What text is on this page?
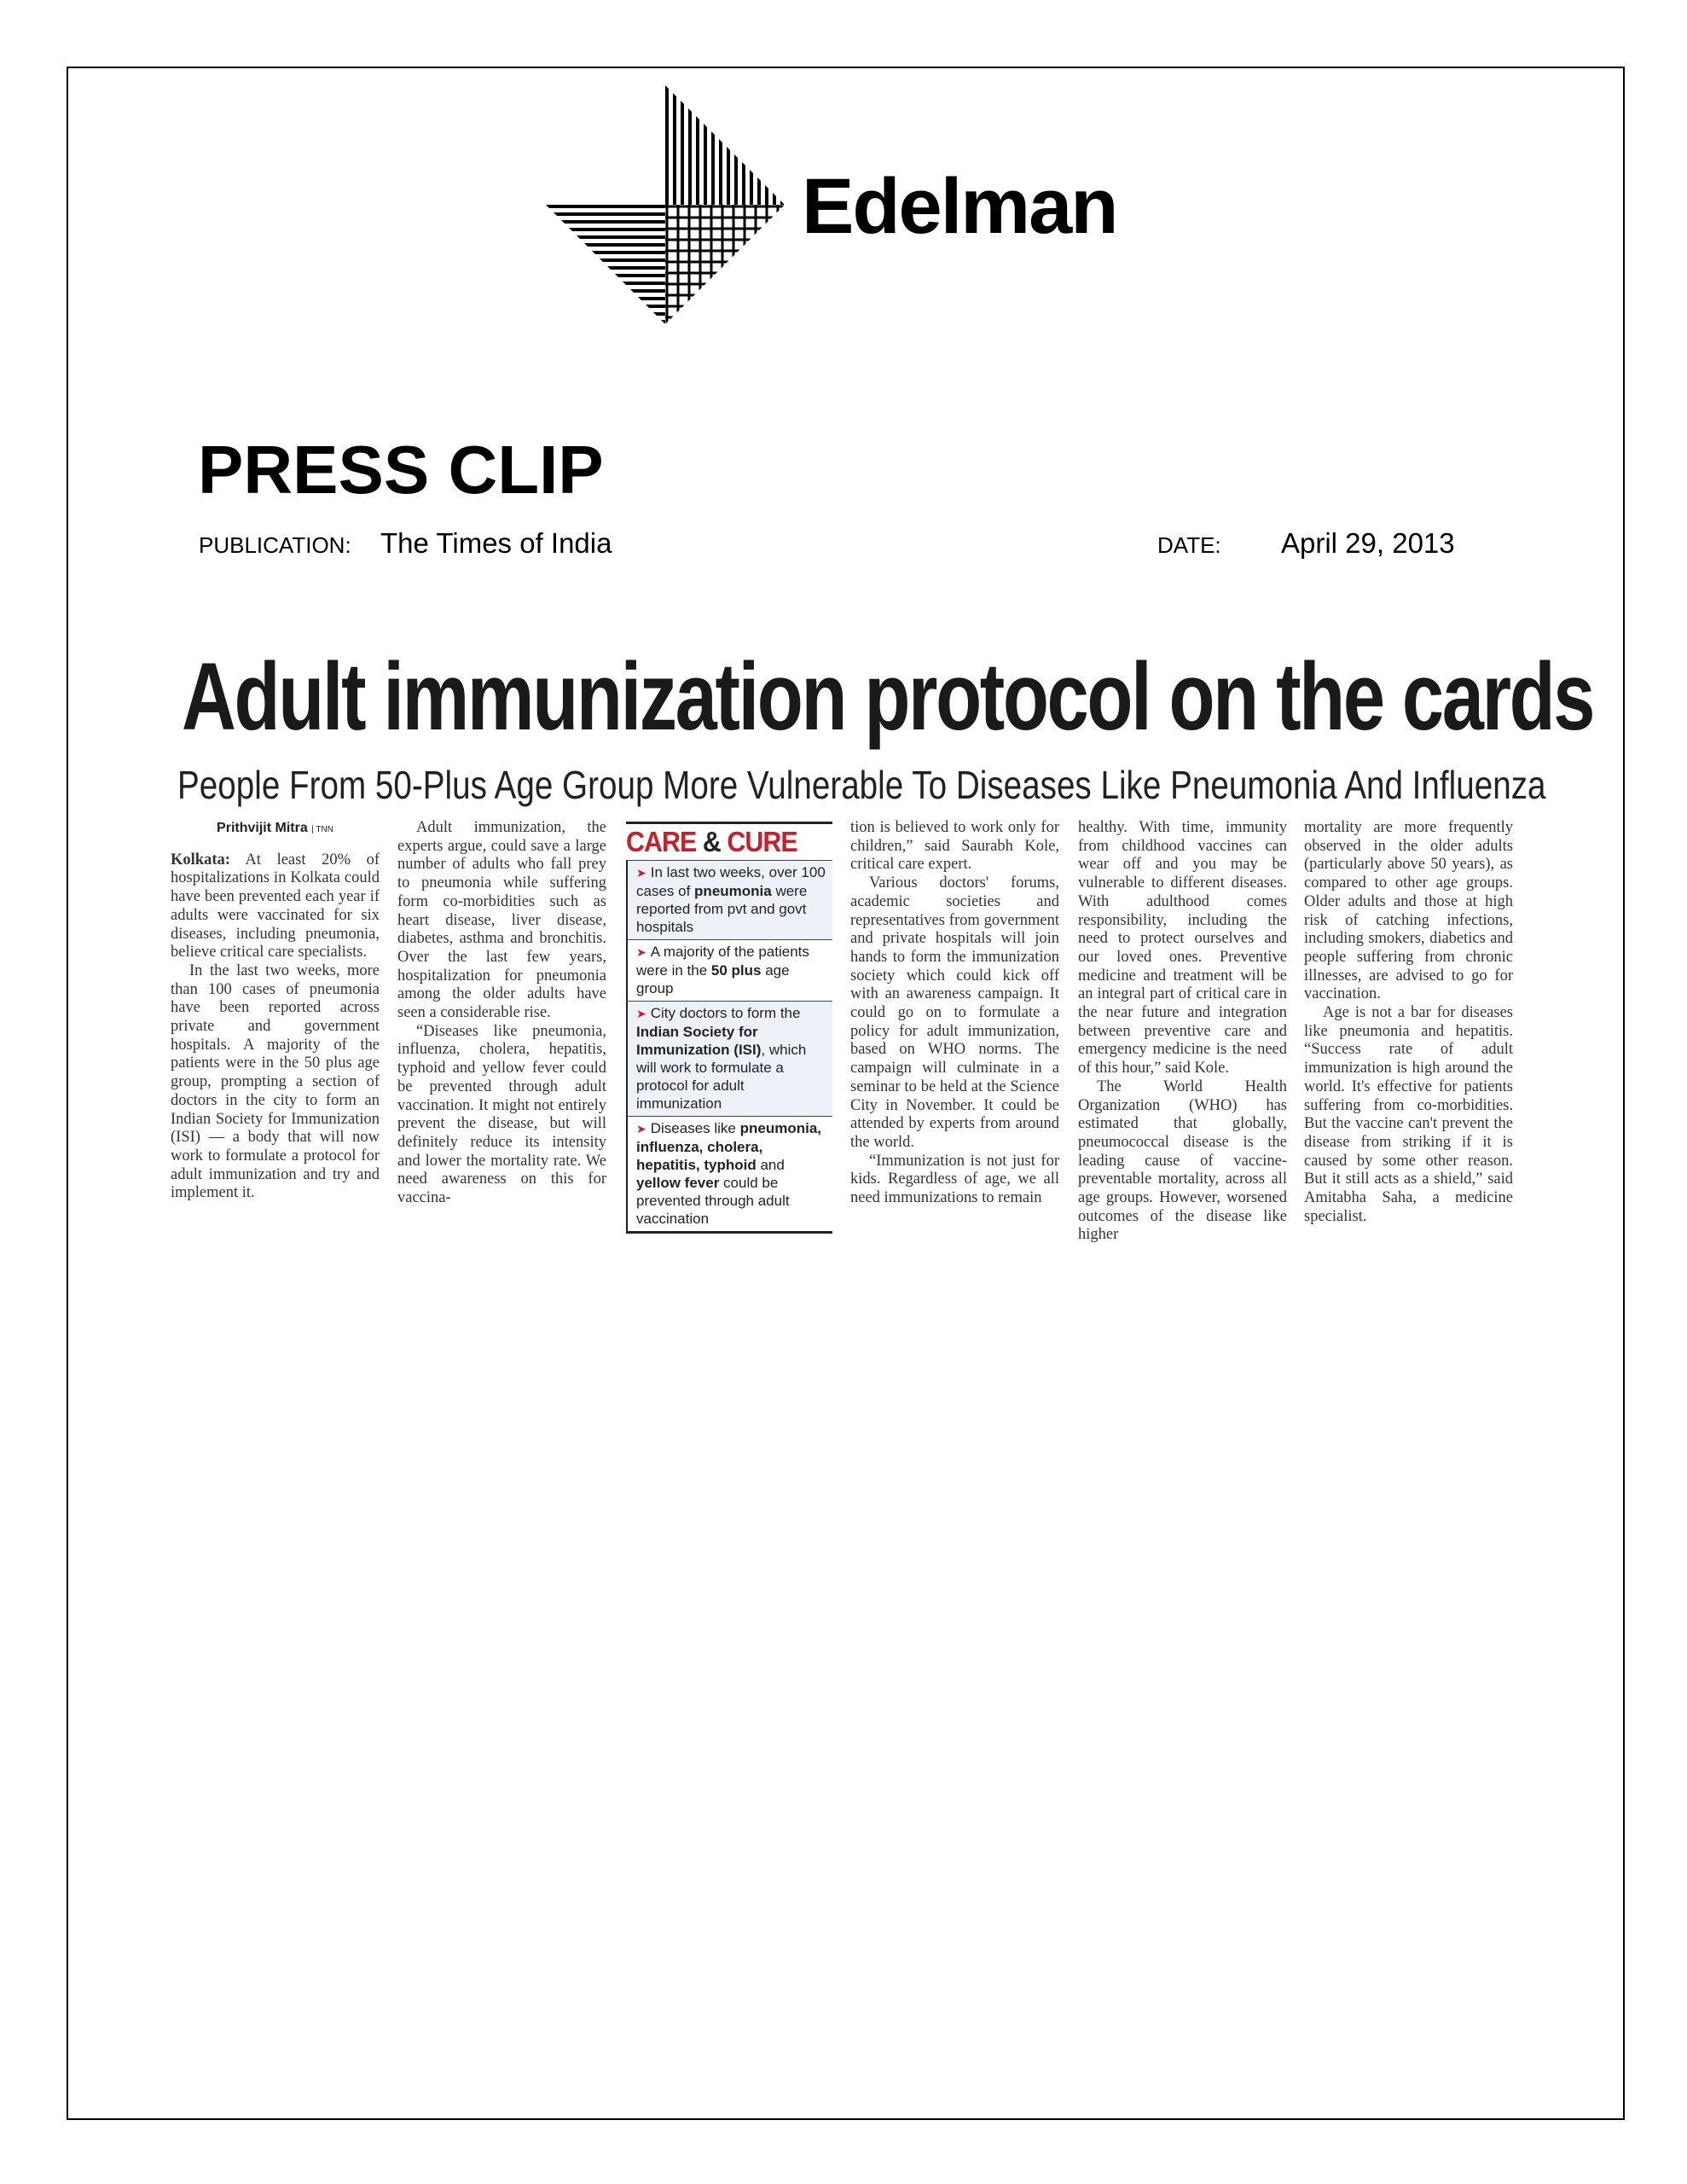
Edelman
PRESS CLIP
PUBLICATION: The Times of India	DATE: April 29, 2013
Adult immunization protocol on the cards
People From 50-Plus Age Group More Vulnerable To Diseases Like Pneumonia And Influenza
Prithvijit Mitra | TNN

Kolkata: At least 20% of hospitalizations in Kolkata could have been prevented each year if adults were vaccinated for six diseases, including pneumonia, believe critical care specialists.

In the last two weeks, more than 100 cases of pneumonia have been reported across private and government hospitals. A majority of the patients were in the 50 plus age group, prompting a section of doctors in the city to form an Indian Society for Immunization (ISI) — a body that will now work to formulate a protocol for adult immunization and try and implement it.

Adult immunization, the experts argue, could save a large number of adults who fall prey to pneumonia while suffering form co-morbidities such as heart disease, liver disease, diabetes, asthma and bronchitis. Over the last few years, hospitalization for pneumonia among the older adults have seen a considerable rise.

“Diseases like pneumonia, influenza, cholera, hepatitis, typhoid and yellow fever could be prevented through adult vaccination. It might not entirely prevent the disease, but will definitely reduce its intensity and lower the mortality rate. We need awareness on this for vaccina-

CARE & CURE
➤ In last two weeks, over 100 cases of pneumonia were reported from pvt and govt hospitals
➤ A majority of the patients were in the 50 plus age group
➤ City doctors to form the Indian Society for Immunization (ISI), which will work to formulate a protocol for adult immunization
➤ Diseases like pneumonia, influenza, cholera, hepatitis, typhoid and yellow fever could be prevented through adult vaccination

tion is believed to work only for children,” said Saurabh Kole, critical care expert.

Various doctors' forums, academic societies and representatives from government and private hospitals will join hands to form the immunization society which could kick off with an awareness campaign. It could go on to formulate a policy for adult immunization, based on WHO norms. The campaign will culminate in a seminar to be held at the Science City in November. It could be attended by experts from around the world.

“Immunization is not just for kids. Regardless of age, we all need immunizations to remain

healthy. With time, immunity from childhood vaccines can wear off and you may be vulnerable to different diseases. With adulthood comes responsibility, including the need to protect ourselves and our loved ones. Preventive medicine and treatment will be an integral part of critical care in the near future and integration between preventive care and emergency medicine is the need of this hour,” said Kole.

The World Health Organization (WHO) has estimated that globally, pneumococcal disease is the leading cause of vaccine-preventable mortality, across all age groups. However, worsened outcomes of the disease like higher

mortality are more frequently observed in the older adults (particularly above 50 years), as compared to other age groups. Older adults and those at high risk of catching infections, including smokers, diabetics and people suffering from chronic illnesses, are advised to go for vaccination.

Age is not a bar for diseases like pneumonia and hepatitis. “Success rate of adult immunization is high around the world. It's effective for patients suffering from co-morbidities. But the vaccine can't prevent the disease from striking if it is caused by some other reason. But it still acts as a shield,” said Amitabha Saha, a medicine specialist.
